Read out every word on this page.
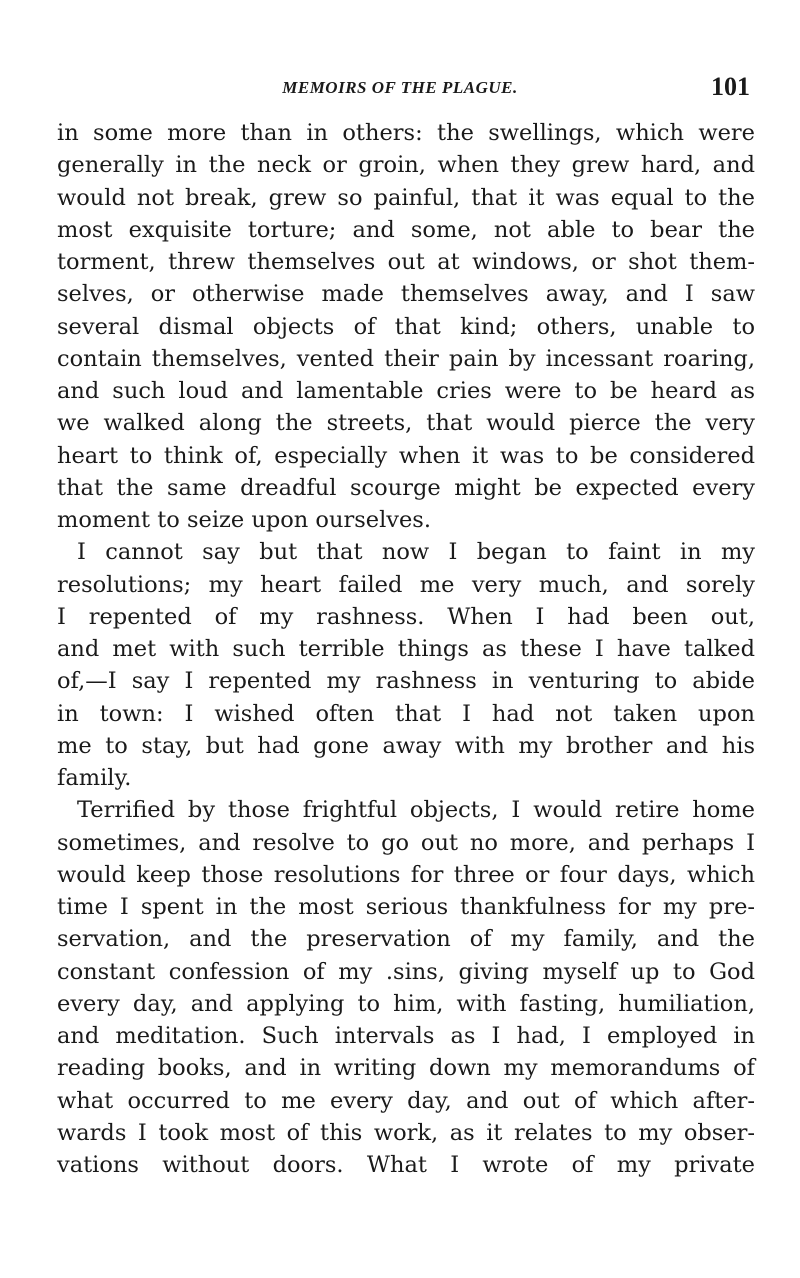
MEMOIRS OF THE PLAGUE.	101
in some more than in others: the swellings, which were
generally in the neck or groin, when they grew hard, and
would not break, grew so painful, that it was equal to the
most exquisite torture; and some, not able to bear the
torment, threw themselves out at windows, or shot them-
selves, or otherwise made themselves away, and I saw
several dismal objects of that kind; others, unable to
contain themselves, vented their pain by incessant roaring,
and such loud and lamentable cries were to be heard as
we walked along the streets, that would pierce the very
heart to think of, especially when it was to be considered
that the same dreadful scourge might be expected every
moment to seize upon ourselves.
I cannot say but that now I began to faint in my
resolutions; my heart failed me very much, and sorely
I repented of my rashness. When I had been out,
and met with such terrible things as these I have talked
of,—I say I repented my rashness in venturing to abide
in town: I wished often that I had not taken upon
me to stay, but had gone away with my brother and his
family.
Terrified by those frightful objects, I would retire home
sometimes, and resolve to go out no more, and perhaps I
would keep those resolutions for three or four days, which
time I spent in the most serious thankfulness for my pre-
servation, and the preservation of my family, and the
constant confession of my .sins, giving myself up to God
every day, and applying to him, with fasting, humiliation,
and meditation. Such intervals as I had, I employed in
reading books, and in writing down my memorandums of
what occurred to me every day, and out of which after-
wards I took most of this work, as it relates to my obser-
vations without doors. What I wrote of my private
